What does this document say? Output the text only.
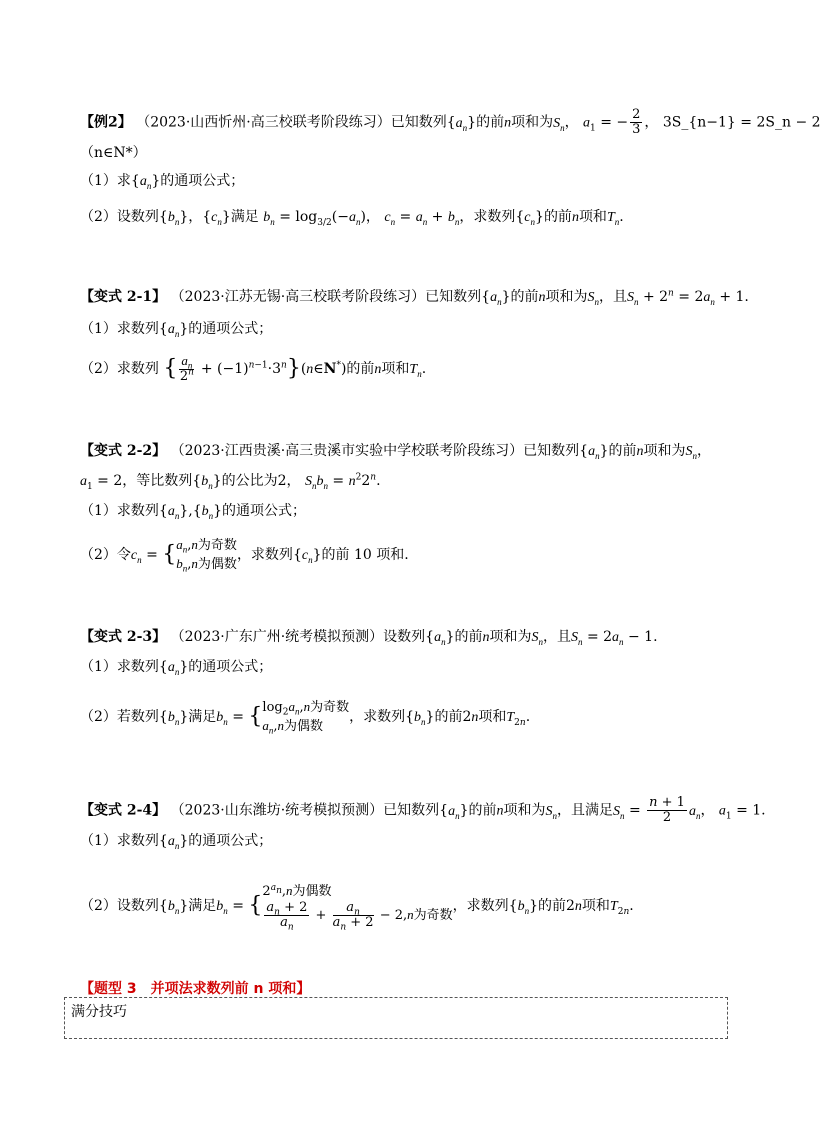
【例2】 （2023·山西忻州·高三校联考阶段练习）已知数列$\{a_n\}$的前n项和为$S_n$， $a_1$ = − $\frac{2}{3}$ ， 3S_{n−1} = 2S_n − 2
（n∈N*）
（1）求$\{a_n\}$的通项公式；
（2）设数列$\{b_n\}$，$\{c_n\}$满足 $b_n = \log_{3/2}(-a_n)$， $c_n = a_n + b_n$，求数列$\{c_n\}$的前n项和$T_n$.
【变式 2-1】 （2023·江苏无锡·高三校联考阶段练习）已知数列$\{a_n\}$的前n项和为$S_n$，且$S_n + 2^n = 2a_n + 1$.
（1）求数列$\{a_n\}$的通项公式；
（2）求数列 { $\frac{a_n}{2^n}$ + $(-1)^{n-1}\cdot 3^n\}(n\in N^*)$的前n项和$T_n$.
【变式 2-2】 （2023·江西贵溪·高三贵溪市实验中学校联考阶段练习）已知数列$\{a_n\}$的前n项和为$S_n$，
$a_1 = 2$，等比数列$\{b_n\}$的公比为2， $S_nb_n = n^22^n$.
（1）求数列$\{a_n\},\{b_n\}$的通项公式；
（2）令$c_n$ = { $a_n,n$为奇数
$b_n,n$为偶数
，求数列$\{c_n\}$的前 10 项和.
【变式 2-3】 （2023·广东广州·统考模拟预测）设数列$\{a_n\}$的前n项和为$S_n$，且$S_n = 2a_n - 1$.
（1）求数列$\{a_n\}$的通项公式；
（2）若数列$\{b_n\}$满足$b_n$ = { $\log_2a_n,n$为奇数
$a_n,n$为偶数
，求数列$\{b_n\}$的前2n项和$T_{2n}$.
【变式 2-4】 （2023·山东潍坊·统考模拟预测）已知数列$\{a_n\}$的前n项和为$S_n$，且满足$S_n = \frac{n + 1}{2} a_n$， $a_1 = 1$.
（1）求数列$\{a_n\}$的通项公式；
（2）设数列$\{b_n\}$满足$b_n$ = {
$2^{a_n},n$为偶数
$\frac{a_n + 2}{a_n} + \frac{a_n}{a_n + 2} - 2,n$为奇数
，求数列$\{b_n\}$的前2n项和$T_{2n}$.
【题型 3　并项法求数列前 n 项和】
满分技巧
